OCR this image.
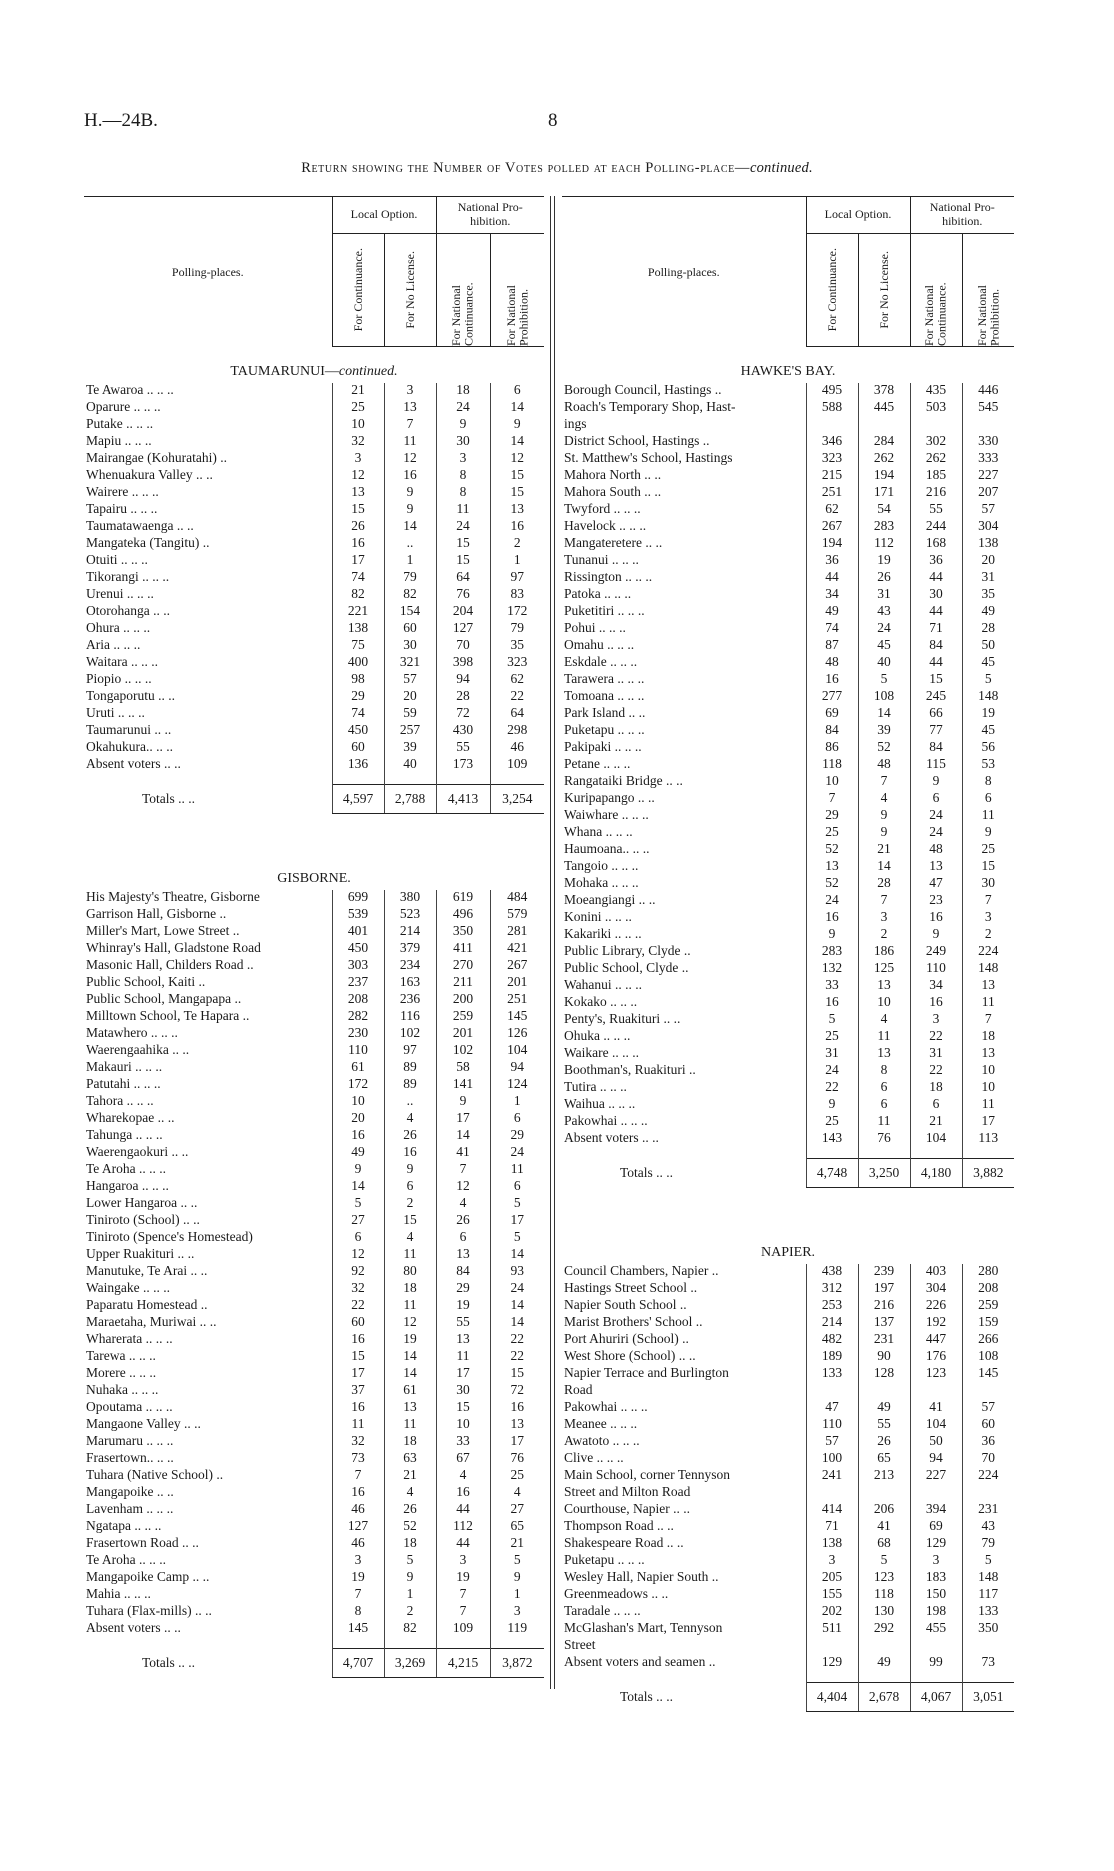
H.—24B.	8
Return showing the Number of Votes polled at each Polling-place—continued.
Polling-places.	Local Option.		National Pro- hibition.	

	For Continuance.	For No License.	For National Continuance.	For National Prohibition.

TAUMARUNUI—continued.				
Te Awaroa .. .. ..	21	3	18	6
Oparure .. .. ..	25	13	24	14
Putake .. .. ..	10	7	9	9
Mapiu .. .. ..	32	11	30	14
Mairangae (Kohuratahi) ..	3	12	3	12
Whenuakura Valley .. ..	12	16	8	15
Wairere .. .. ..	13	9	8	15
Tapairu .. .. ..	15	9	11	13
Taumatawaenga .. ..	26	14	24	16
Mangateka (Tangitu) ..	16	..	15	2
Otuiti .. .. ..	17	1	15	1
Tikorangi .. .. ..	74	79	64	97
Urenui .. .. ..	82	82	76	83
Otorohanga .. ..	221	154	204	172
Ohura .. .. ..	138	60	127	79
Aria .. .. ..	75	30	70	35
Waitara .. .. ..	400	321	398	323
Piopio .. .. ..	98	57	94	62
Tongaporutu .. ..	29	20	28	22
Uruti .. .. ..	74	59	72	64
Taumarunui .. ..	450	257	430	298
Okahukura.. .. ..	60	39	55	46
Absent voters .. ..	136	40	173	109

Totals .. ..	4,597	2,788	4,413	3,254

GISBORNE.				
His Majesty's Theatre, Gisborne	699	380	619	484
Garrison Hall, Gisborne ..	539	523	496	579
Miller's Mart, Lowe Street ..	401	214	350	281
Whinray's Hall, Gladstone Road	450	379	411	421
Masonic Hall, Childers Road ..	303	234	270	267
Public School, Kaiti ..	237	163	211	201
Public School, Mangapapa ..	208	236	200	251
Milltown School, Te Hapara ..	282	116	259	145
Matawhero .. .. ..	230	102	201	126
Waerengaahika .. ..	110	97	102	104
Makauri .. .. ..	61	89	58	94
Patutahi .. .. ..	172	89	141	124
Tahora .. .. ..	10	..	9	1
Wharekopae .. ..	20	4	17	6
Tahunga .. .. ..	16	26	14	29
Waerengaokuri .. ..	49	16	41	24
Te Aroha .. .. ..	9	9	7	11
Hangaroa .. .. ..	14	6	12	6
Lower Hangaroa .. ..	5	2	4	5
Tiniroto (School) .. ..	27	15	26	17
Tiniroto (Spence's Homestead)	6	4	6	5
Upper Ruakituri .. ..	12	11	13	14
Manutuke, Te Arai .. ..	92	80	84	93
Waingake .. .. ..	32	18	29	24
Paparatu Homestead ..	22	11	19	14
Maraetaha, Muriwai .. ..	60	12	55	14
Wharerata .. .. ..	16	19	13	22
Tarewa .. .. ..	15	14	11	22
Morere .. .. ..	17	14	17	15
Nuhaka .. .. ..	37	61	30	72
Opoutama .. .. ..	16	13	15	16
Mangaone Valley .. ..	11	11	10	13
Marumaru .. .. ..	32	18	33	17
Frasertown.. .. ..	73	63	67	76
Tuhara (Native School) ..	7	21	4	25
Mangapoike .. ..	16	4	16	4
Lavenham .. .. ..	46	26	44	27
Ngatapa .. .. ..	127	52	112	65
Frasertown Road .. ..	46	18	44	21
Te Aroha .. .. ..	3	5	3	5
Mangapoike Camp .. ..	19	9	19	9
Mahia .. .. ..	7	1	7	1
Tuhara (Flax-mills) .. ..	8	2	7	3
Absent voters .. ..	145	82	109	119

Totals .. ..	4,707	3,269	4,215	3,872
Polling-places.	Local Option.		National Pro- hibition.	

	For Continuance.	For No License.	For National Continuance.	For National Prohibition.

HAWKE'S BAY.				
Borough Council, Hastings ..	495	378	435	446
Roach's Temporary Shop, Hast-	588	445	503	545
ings				
District School, Hastings ..	346	284	302	330
St. Matthew's School, Hastings	323	262	262	333
Mahora North .. ..	215	194	185	227
Mahora South .. ..	251	171	216	207
Twyford .. .. ..	62	54	55	57
Havelock .. .. ..	267	283	244	304
Mangateretere .. ..	194	112	168	138
Tunanui .. .. ..	36	19	36	20
Rissington .. .. ..	44	26	44	31
Patoka .. .. ..	34	31	30	35
Puketitiri .. .. ..	49	43	44	49
Pohui .. .. ..	74	24	71	28
Omahu .. .. ..	87	45	84	50
Eskdale .. .. ..	48	40	44	45
Tarawera .. .. ..	16	5	15	5
Tomoana .. .. ..	277	108	245	148
Park Island .. ..	69	14	66	19
Puketapu .. .. ..	84	39	77	45
Pakipaki .. .. ..	86	52	84	56
Petane .. .. ..	118	48	115	53
Rangataiki Bridge .. ..	10	7	9	8
Kuripapango .. ..	7	4	6	6
Waiwhare .. .. ..	29	9	24	11
Whana .. .. ..	25	9	24	9
Haumoana.. .. ..	52	21	48	25
Tangoio .. .. ..	13	14	13	15
Mohaka .. .. ..	52	28	47	30
Moeangiangi .. ..	24	7	23	7
Konini .. .. ..	16	3	16	3
Kakariki .. .. ..	9	2	9	2
Public Library, Clyde ..	283	186	249	224
Public School, Clyde ..	132	125	110	148
Wahanui .. .. ..	33	13	34	13
Kokako .. .. ..	16	10	16	11
Penty's, Ruakituri .. ..	5	4	3	7
Ohuka .. .. ..	25	11	22	18
Waikare .. .. ..	31	13	31	13
Boothman's, Ruakituri ..	24	8	22	10
Tutira .. .. ..	22	6	18	10
Waihua .. .. ..	9	6	6	11
Pakowhai .. .. ..	25	11	21	17
Absent voters .. ..	143	76	104	113

Totals .. ..	4,748	3,250	4,180	3,882

NAPIER.				
Council Chambers, Napier ..	438	239	403	280
Hastings Street School ..	312	197	304	208
Napier South School ..	253	216	226	259
Marist Brothers' School ..	214	137	192	159
Port Ahuriri (School) ..	482	231	447	266
West Shore (School) .. ..	189	90	176	108
Napier Terrace and Burlington	133	128	123	145
Road				
Pakowhai .. .. ..	47	49	41	57
Meanee .. .. ..	110	55	104	60
Awatoto .. .. ..	57	26	50	36
Clive .. .. ..	100	65	94	70
Main School, corner Tennyson	241	213	227	224
Street and Milton Road				
Courthouse, Napier .. ..	414	206	394	231
Thompson Road .. ..	71	41	69	43
Shakespeare Road .. ..	138	68	129	79
Puketapu .. .. ..	3	5	3	5
Wesley Hall, Napier South ..	205	123	183	148
Greenmeadows .. ..	155	118	150	117
Taradale .. .. ..	202	130	198	133
McGlashan's Mart, Tennyson	511	292	455	350
Street				
Absent voters and seamen ..	129	49	99	73

Totals .. ..	4,404	2,678	4,067	3,051
